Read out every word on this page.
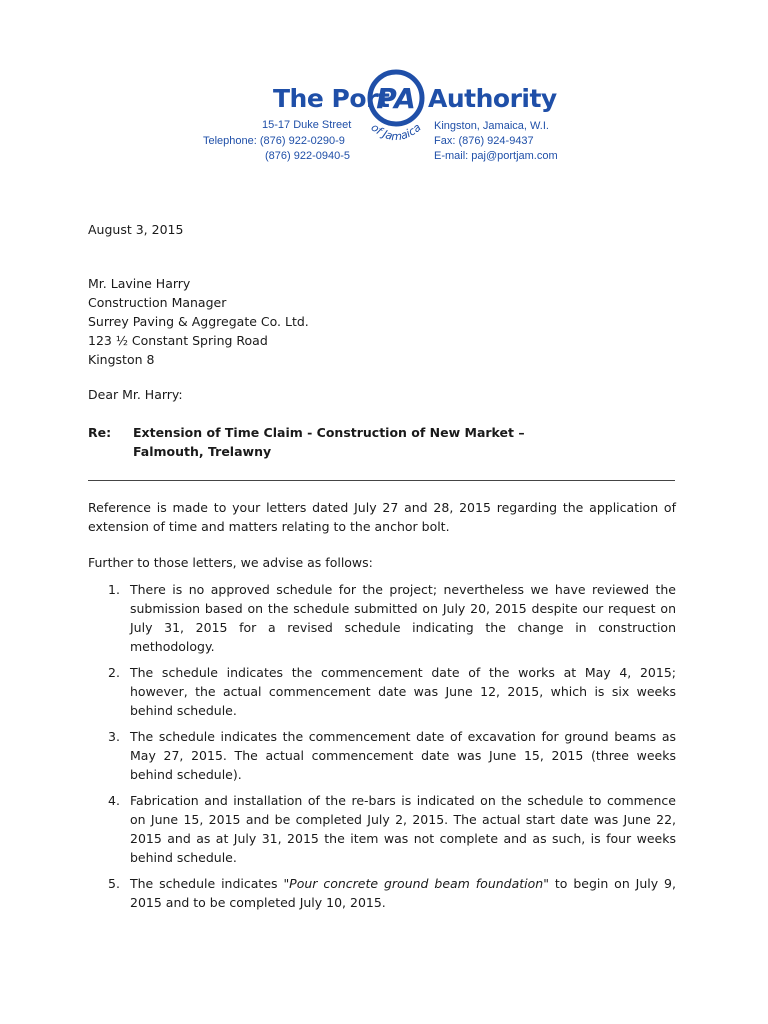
The Port
PA
of Jamaica
Authority
15-17 Duke Street
Telephone: (876) 922-0290-9
(876) 922-0940-5
Kingston, Jamaica, W.I.
Fax: (876) 924-9437
E-mail: paj@portjam.com
August 3, 2015
Mr. Lavine Harry
Construction Manager
Surrey Paving & Aggregate Co. Ltd.
123 ½ Constant Spring Road
Kingston 8
Dear Mr. Harry:
Re: Extension of Time Claim - Construction of New Market –
Falmouth, Trelawny
Reference is made to your letters dated July 27 and 28, 2015 regarding the application of extension of time and matters relating to the anchor bolt.
Further to those letters, we advise as follows:
1. There is no approved schedule for the project; nevertheless we have reviewed the submission based on the schedule submitted on July 20, 2015 despite our request on July 31, 2015 for a revised schedule indicating the change in construction methodology.
2. The schedule indicates the commencement date of the works at May 4, 2015; however, the actual commencement date was June 12, 2015, which is six weeks behind schedule.
3. The schedule indicates the commencement date of excavation for ground beams as May 27, 2015. The actual commencement date was June 15, 2015 (three weeks behind schedule).
4. Fabrication and installation of the re-bars is indicated on the schedule to commence on June 15, 2015 and be completed July 2, 2015. The actual start date was June 22, 2015 and as at July 31, 2015 the item was not complete and as such, is four weeks behind schedule.
5. The schedule indicates "Pour concrete ground beam foundation" to begin on July 9, 2015 and to be completed July 10, 2015.
